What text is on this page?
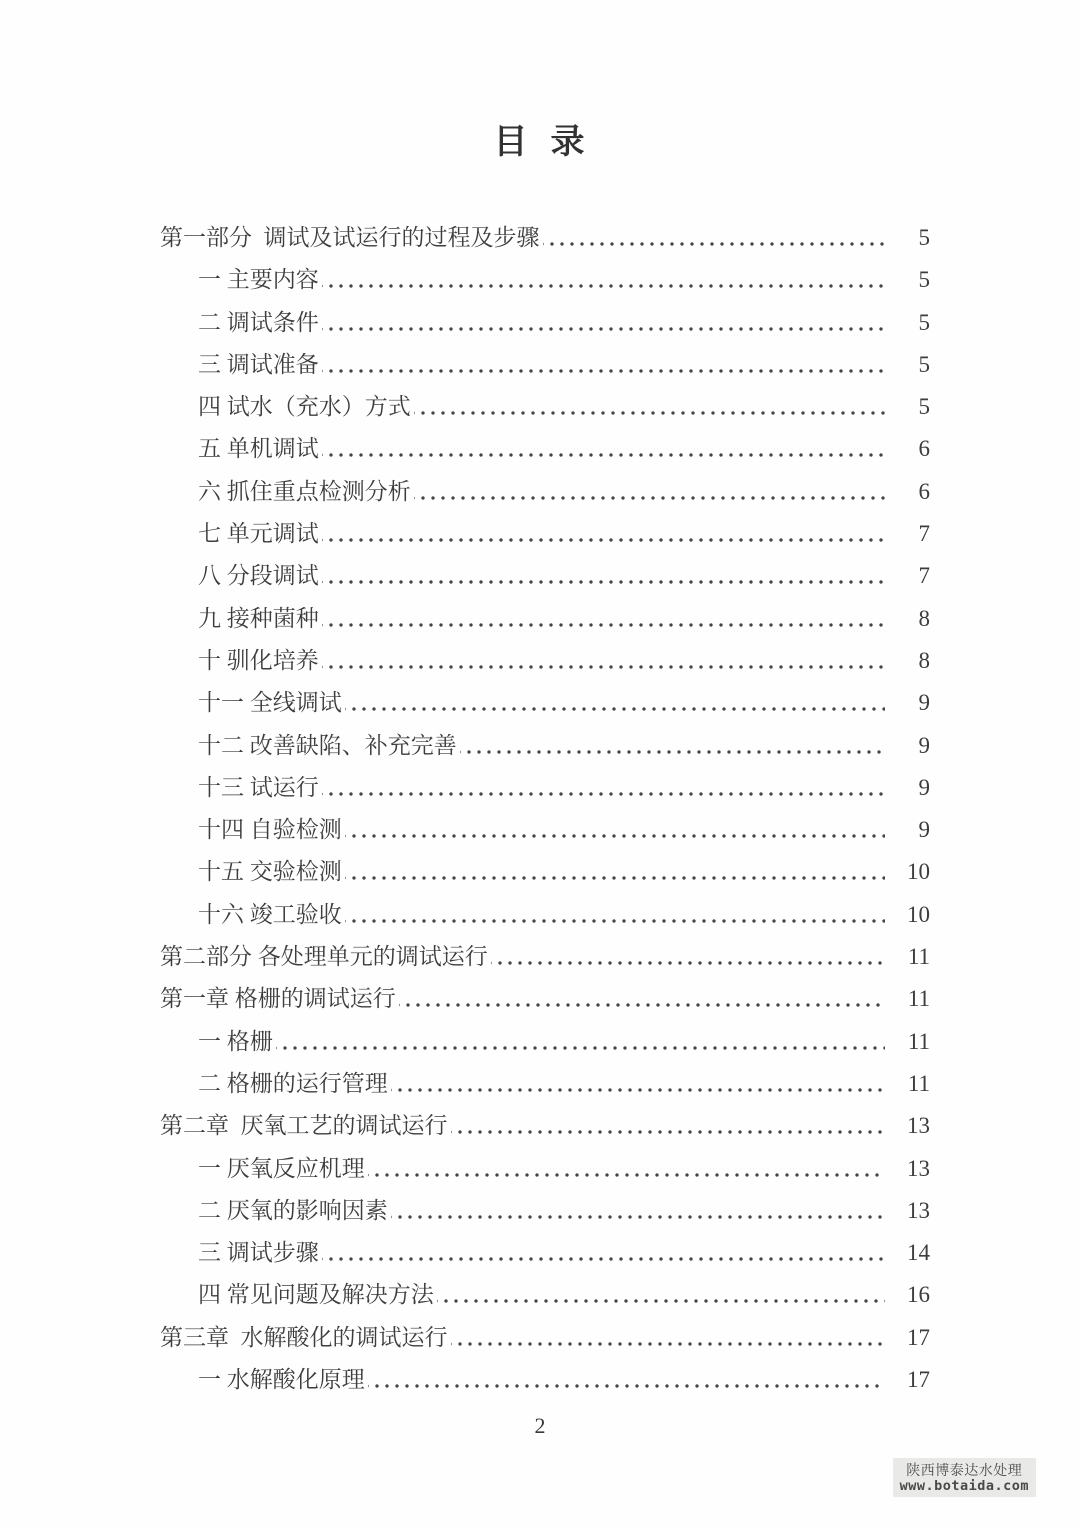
目  录
第一部分  调试及试运行的过程及步骤	5
一 主要内容	5
二 调试条件	5
三 调试准备	5
四 试水（充水）方式	5
五 单机调试	6
六 抓住重点检测分析	6
七 单元调试	7
八 分段调试	7
九 接种菌种	8
十 驯化培养	8
十一 全线调试	9
十二 改善缺陷、补充完善	9
十三 试运行	9
十四 自验检测	9
十五 交验检测	10
十六 竣工验收	10
第二部分 各处理单元的调试运行	11
第一章 格栅的调试运行	11
一 格栅	11
二 格栅的运行管理	11
第二章  厌氧工艺的调试运行	13
一 厌氧反应机理	13
二 厌氧的影响因素	13
三 调试步骤	14
四 常见问题及解决方法	16
第三章  水解酸化的调试运行	17
一 水解酸化原理	17
2
陕西博泰达水处理
www.botaida.com
